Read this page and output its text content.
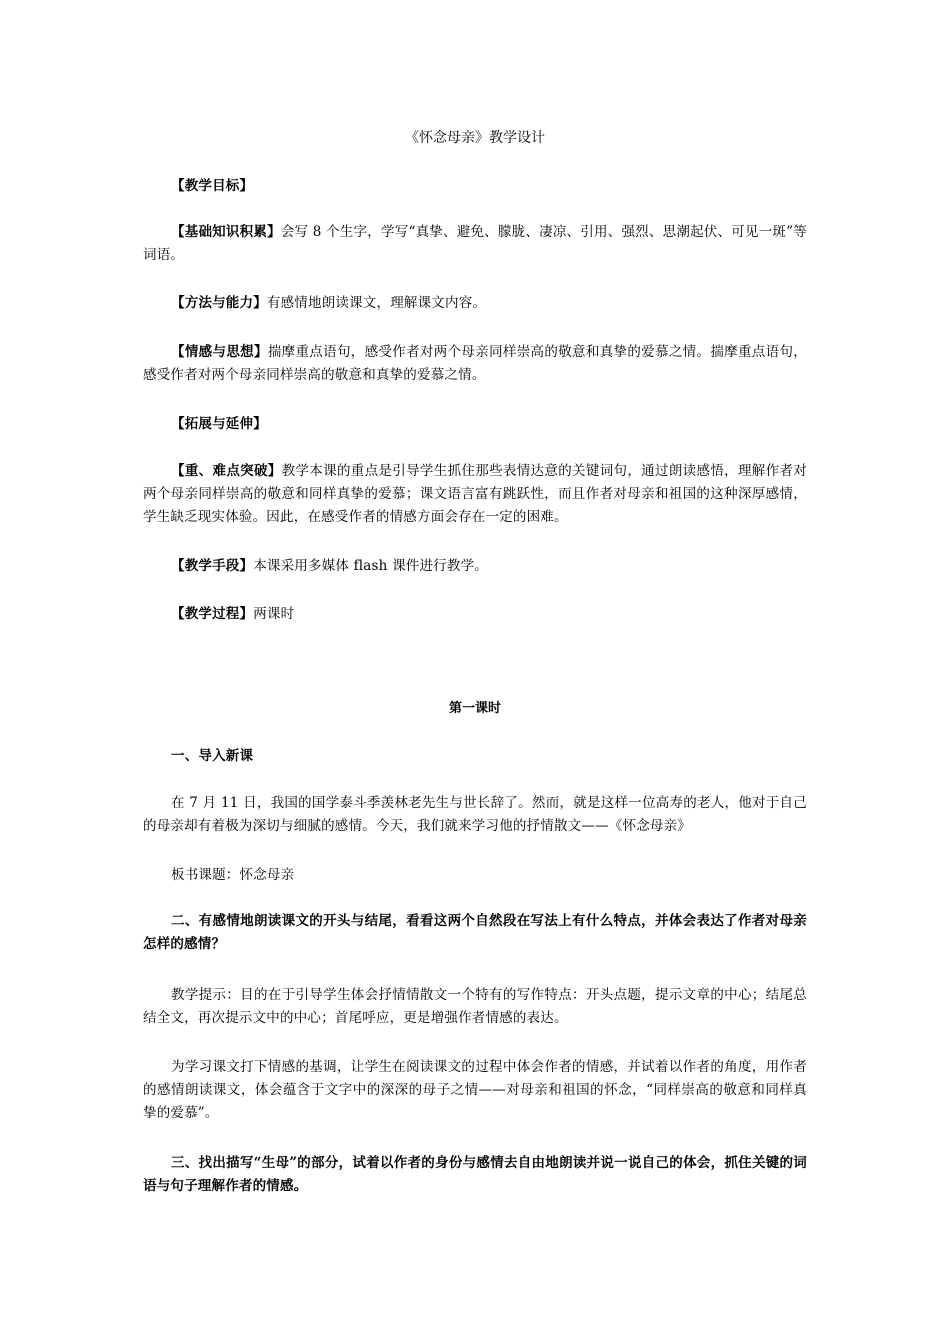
《怀念母亲》教学设计
【教学目标】
【基础知识积累】会写 8 个生字，学写“真挚、避免、朦胧、凄凉、引用、强烈、思潮起伏、可见一斑”等词语。
【方法与能力】有感情地朗读课文，理解课文内容。
【情感与思想】揣摩重点语句，感受作者对两个母亲同样崇高的敬意和真挚的爱慕之情。揣摩重点语句，感受作者对两个母亲同样崇高的敬意和真挚的爱慕之情。
【拓展与延伸】
【重、难点突破】教学本课的重点是引导学生抓住那些表情达意的关键词句，通过朗读感悟，理解作者对两个母亲同样崇高的敬意和同样真挚的爱慕；课文语言富有跳跃性，而且作者对母亲和祖国的这种深厚感情，学生缺乏现实体验。因此，在感受作者的情感方面会存在一定的困难。
【教学手段】本课采用多媒体 flash 课件进行教学。
【教学过程】两课时
第一课时
一、导入新课
在 7 月 11 日，我国的国学泰斗季羡林老先生与世长辞了。然而，就是这样一位高寿的老人，他对于自己的母亲却有着极为深切与细腻的感情。今天，我们就来学习他的抒情散文——《怀念母亲》
板书课题：怀念母亲
二、有感情地朗读课文的开头与结尾，看看这两个自然段在写法上有什么特点，并体会表达了作者对母亲怎样的感情？
教学提示：目的在于引导学生体会抒情情散文一个特有的写作特点：开头点题，提示文章的中心；结尾总结全文，再次提示文中的中心；首尾呼应，更是增强作者情感的表达。
为学习课文打下情感的基调，让学生在阅读课文的过程中体会作者的情感，并试着以作者的角度，用作者的感情朗读课文，体会蕴含于文字中的深深的母子之情——对母亲和祖国的怀念，“同样崇高的敬意和同样真挚的爱慕”。
三、找出描写“生母”的部分，试着以作者的身份与感情去自由地朗读并说一说自己的体会，抓住关键的词语与句子理解作者的情感。
